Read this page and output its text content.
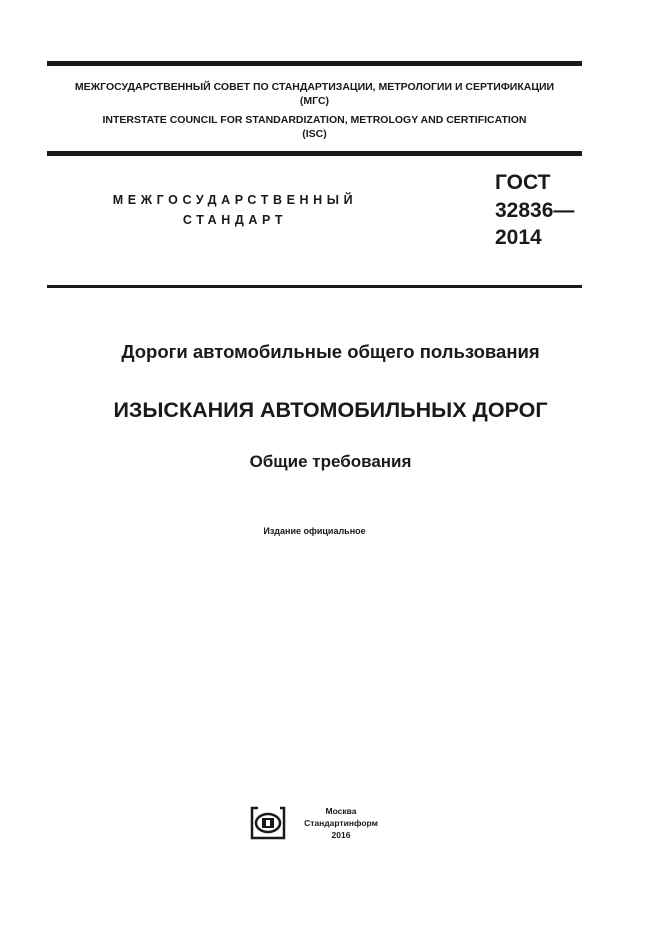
МЕЖГОСУДАРСТВЕННЫЙ СОВЕТ ПО СТАНДАРТИЗАЦИИ, МЕТРОЛОГИИ И СЕРТИФИКАЦИИ
(МГС)
INTERSTATE COUNCIL FOR STANDARDIZATION, METROLOGY AND CERTIFICATION
(ISC)
МЕЖГОСУДАРСТВЕННЫЙ
СТАНДАРТ
ГОСТ
32836—
2014
Дороги автомобильные общего пользования
ИЗЫСКАНИЯ АВТОМОБИЛЬНЫХ ДОРОГ
Общие требования
Издание официальное
Москва
Стандартинформ
2016
